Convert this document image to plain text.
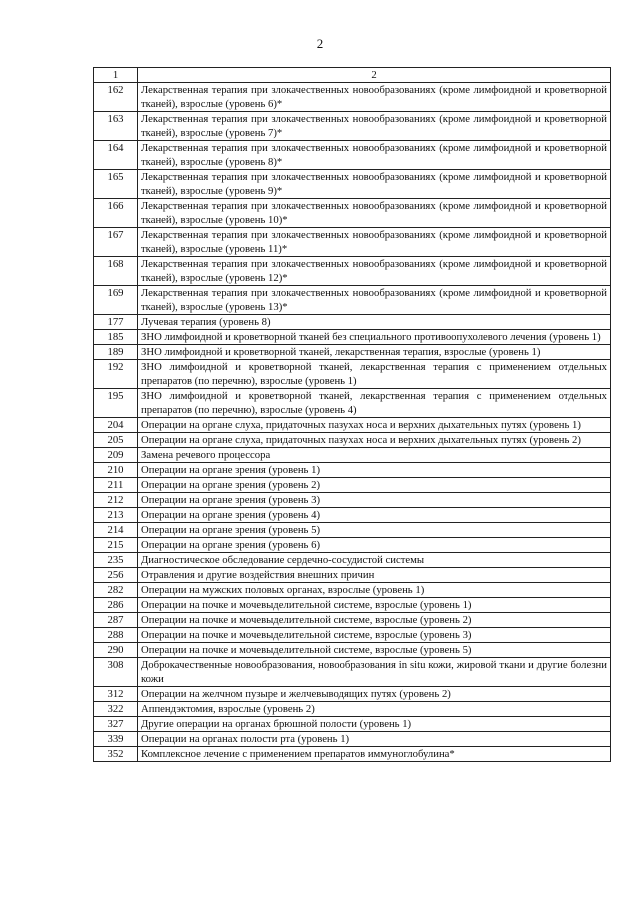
2
1	2
162	Лекарственная терапия при злокачественных новообразованиях (кроме лимфоидной и кроветворной тканей), взрослые (уровень 6)*
163	Лекарственная терапия при злокачественных новообразованиях (кроме лимфоидной и кроветворной тканей), взрослые (уровень 7)*
164	Лекарственная терапия при злокачественных новообразованиях (кроме лимфоидной и кроветворной тканей), взрослые (уровень 8)*
165	Лекарственная терапия при злокачественных новообразованиях (кроме лимфоидной и кроветворной тканей), взрослые (уровень 9)*
166	Лекарственная терапия при злокачественных новообразованиях (кроме лимфоидной и кроветворной тканей), взрослые (уровень 10)*
167	Лекарственная терапия при злокачественных новообразованиях (кроме лимфоидной и кроветворной тканей), взрослые (уровень 11)*
168	Лекарственная терапия при злокачественных новообразованиях (кроме лимфоидной и кроветворной тканей), взрослые (уровень 12)*
169	Лекарственная терапия при злокачественных новообразованиях (кроме лимфоидной и кроветворной тканей), взрослые (уровень 13)*
177	Лучевая терапия (уровень 8)
185	ЗНО лимфоидной и кроветворной тканей без специального противоопухолевого лечения (уровень 1)
189	ЗНО лимфоидной и кроветворной тканей, лекарственная терапия, взрослые (уровень 1)
192	ЗНО лимфоидной и кроветворной тканей, лекарственная терапия с применением отдельных препаратов (по перечню), взрослые (уровень 1)
195	ЗНО лимфоидной и кроветворной тканей, лекарственная терапия с применением отдельных препаратов (по перечню), взрослые (уровень 4)
204	Операции на органе слуха, придаточных пазухах носа и верхних дыхательных путях (уровень 1)
205	Операции на органе слуха, придаточных пазухах носа и верхних дыхательных путях (уровень 2)
209	Замена речевого процессора
210	Операции на органе зрения (уровень 1)
211	Операции на органе зрения (уровень 2)
212	Операции на органе зрения (уровень 3)
213	Операции на органе зрения (уровень 4)
214	Операции на органе зрения (уровень 5)
215	Операции на органе зрения (уровень 6)
235	Диагностическое обследование сердечно-сосудистой системы
256	Отравления и другие воздействия внешних причин
282	Операции на мужских половых органах, взрослые (уровень 1)
286	Операции на почке и мочевыделительной системе, взрослые (уровень 1)
287	Операции на почке и мочевыделительной системе, взрослые (уровень 2)
288	Операции на почке и мочевыделительной системе, взрослые (уровень 3)
290	Операции на почке и мочевыделительной системе, взрослые (уровень 5)
308	Доброкачественные новообразования, новообразования in situ кожи, жировой ткани и другие болезни кожи
312	Операции на желчном пузыре и желчевыводящих путях (уровень 2)
322	Аппендэктомия, взрослые (уровень 2)
327	Другие операции на органах брюшной полости (уровень 1)
339	Операции на органах полости рта (уровень 1)
352	Комплексное лечение с применением препаратов иммуноглобулина*
